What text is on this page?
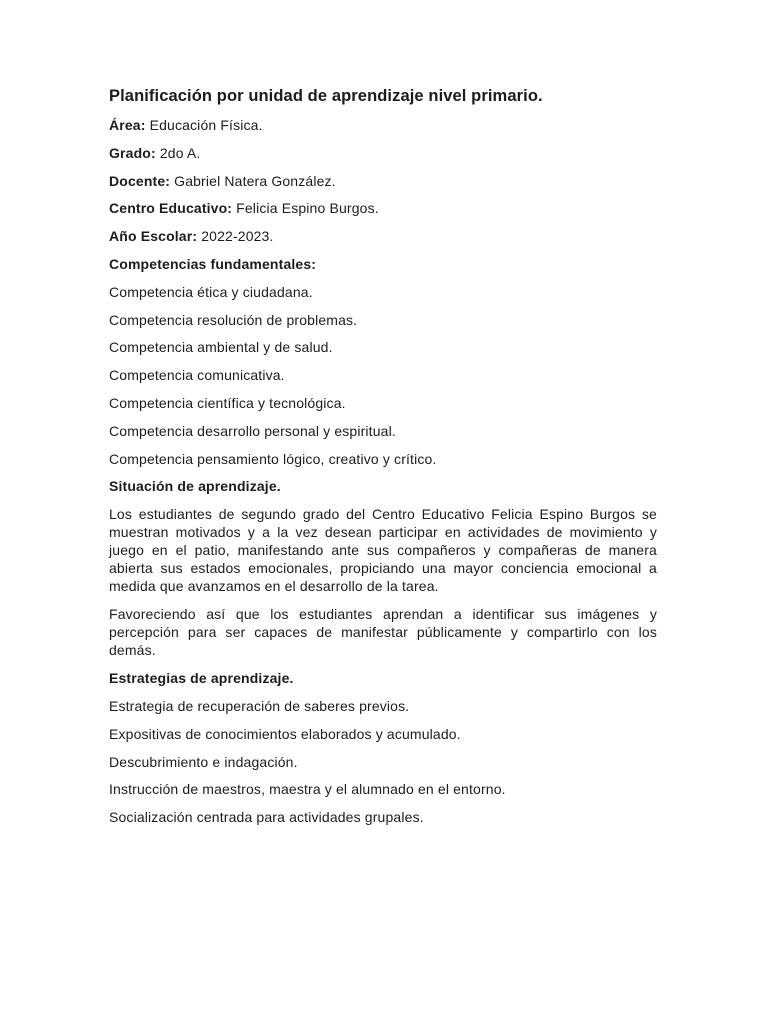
Planificación por unidad de aprendizaje nivel primario.
Área: Educación Física.
Grado: 2do A.
Docente: Gabriel Natera González.
Centro Educativo: Felicia Espino Burgos.
Año Escolar: 2022-2023.
Competencias fundamentales:
Competencia ética y ciudadana.
Competencia resolución de problemas.
Competencia ambiental y de salud.
Competencia comunicativa.
Competencia científica y tecnológica.
Competencia desarrollo personal y espiritual.
Competencia pensamiento lógico, creativo y crítico.
Situación de aprendizaje.
Los estudiantes de segundo grado del Centro Educativo Felicia Espino Burgos se muestran motivados y a la vez desean participar en actividades de movimiento y juego en el patio, manifestando ante sus compañeros y compañeras de manera abierta sus estados emocionales, propiciando una mayor conciencia emocional a medida que avanzamos en el desarrollo de la tarea.
Favoreciendo así que los estudiantes aprendan a identificar sus imágenes y percepción para ser capaces de manifestar públicamente y compartirlo con los demás.
Estrategias de aprendizaje.
Estrategia de recuperación de saberes previos.
Expositivas de conocimientos elaborados y acumulado.
Descubrimiento e indagación.
Instrucción de maestros, maestra y el alumnado en el entorno.
Socialización centrada para actividades grupales.
